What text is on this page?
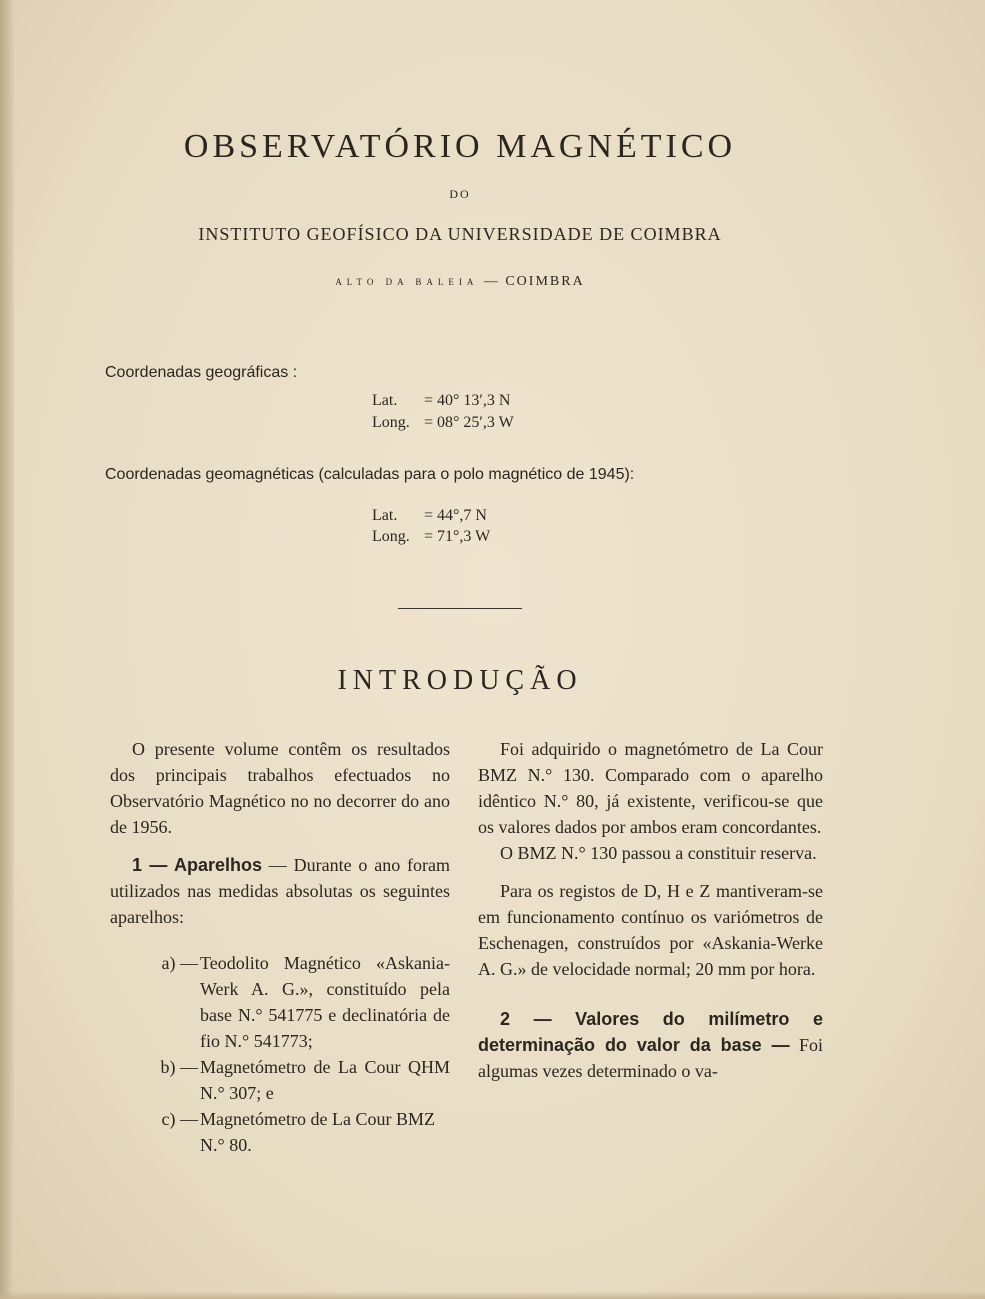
OBSERVATÓRIO MAGNÉTICO
DO
INSTITUTO GEOFÍSICO DA UNIVERSIDADE DE COIMBRA
ALTO DA BALEIA — COIMBRA
Coordenadas geográficas :
Lat. = 40° 13′,3 N
Long. = 08° 25′,3 W
Coordenadas geomagnéticas (calculadas para o polo magnético de 1945):
Lat. = 44°,7 N
Long. = 71°,3 W
INTRODUÇÃO

O presente volume contêm os resultados dos principais trabalhos efectuados no Observatório Magnético no no decorrer do ano de 1956.

1 — Aparelhos — Durante o ano foram utilizados nas medidas absolutas os seguintes aparelhos:

a) — Teodolito Magnético «Askania-Werk A. G.», constituído pela base N.° 541775 e declinatória de fio N.° 541773;
b) — Magnetómetro de La Cour QHM N.° 307; e
c) — Magnetómetro de La Cour BMZ N.° 80.

Foi adquirido o magnetómetro de La Cour BMZ N.° 130. Comparado com o aparelho idêntico N.° 80, já existente, verificou-se que os valores dados por ambos eram concordantes.

O BMZ N.° 130 passou a constituir reserva.

Para os registos de D, H e Z mantiveram-se em funcionamento contínuo os variómetros de Eschenagen, construídos por «Askania-Werke A. G.» de velocidade normal; 20 mm por hora.

2 — Valores do milímetro e determinação do valor da base — Foi algumas vezes determinado o va-
